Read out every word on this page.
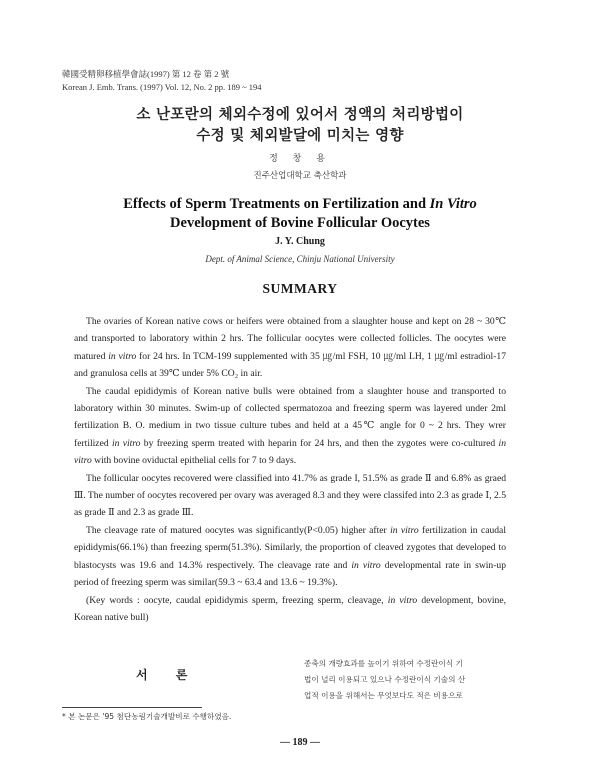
韓國受精卵移植學會誌(1997) 第 12 卷 第 2 號
Korean J. Emb. Trans. (1997) Vol. 12, No. 2 pp. 189 ~ 194
소 난포란의 체외수정에 있어서 정액의 처리방법이
수정 및 체외발달에 미치는 영향
정 창 용
진주산업대학교 축산학과
Effects of Sperm Treatments on Fertilization and In Vitro
Development of Bovine Follicular Oocytes
J. Y. Chung
Dept. of Animal Science, Chinju National University
SUMMARY

The ovaries of Korean native cows or heifers were obtained from a slaughter house and kept on 28 ~ 30℃ and transported to laboratory within 2 hrs. The follicular oocytes were collected follicles. The oocytes were matured in vitro for 24 hrs. In TCM-199 supplemented with 35 ㎍/ml FSH, 10 ㎍/ml LH, 1 ㎍/ml estradiol-17 and granulosa cells at 39℃ under 5% CO₂ in air.

The caudal epididymis of Korean native bulls were obtained from a slaughter house and transported to laboratory within 30 minutes. Swim-up of collected spermatozoa and freezing sperm was layered under 2ml fertilization B. O. medium in two tissue culture tubes and held at a 45℃ angle for 0 ~ 2 hrs. They wrer fertilized in vitro by freezing sperm treated with heparin for 24 hrs, and then the zygotes were co-cultured in vitro with bovine oviductal epithelial cells for 7 to 9 days.

The follicular oocytes recovered were classified into 41.7% as grade I, 51.5% as grade Ⅱ and 6.8% as graed Ⅲ. The number of oocytes recovered per ovary was averaged 8.3 and they were classifed into 2.3 as grade Ⅰ, 2.5 as grade Ⅱ and 2.3 as grade Ⅲ.

The cleavage rate of matured oocytes was significantly(P<0.05) higher after in vitro fertilization in caudal epididymis(66.1%) than freezing sperm(51.3%). Similarly, the proportion of cleaved zygotes that developed to blastocysts was 19.6 and 14.3% respectively. The cleavage rate and in vitro developmental rate in swin-up period of freezing sperm was similar(59.3 ~ 63.4 and 13.6 ~ 19.3%).

(Key words : oocyte, caudal epididymis sperm, freezing sperm, cleavage, in vitro development, bovine, Korean native bull)

서 론
종축의 개량효과를 높이기 위하여 수정란이식 기
법이 널리 이용되고 있으나 수정란이식 기술의 산
업적 이용을 위해서는 무엇보다도 적은 비용으로
* 본 논문은 '95 첨단농림기술개발비로 수행하였음.
— 189 —
